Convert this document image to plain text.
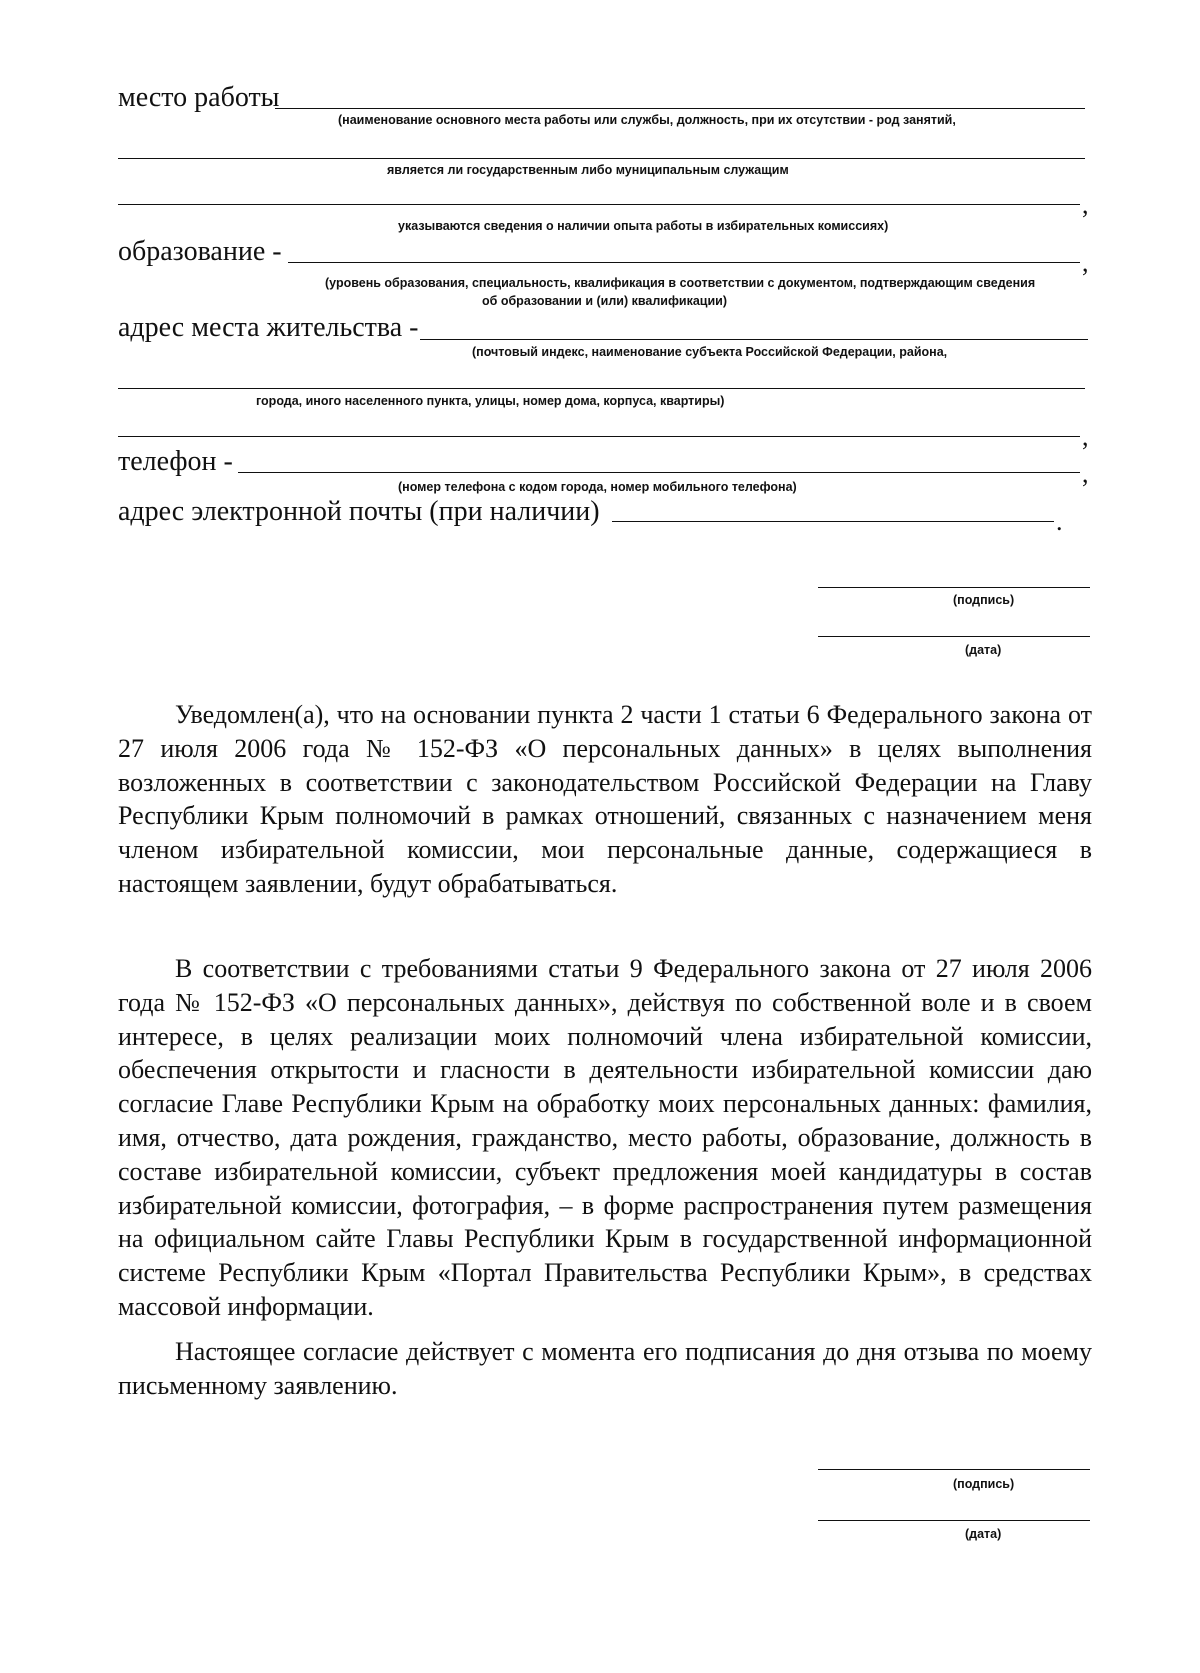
место работы
(наименование основного места работы или службы, должность, при их отсутствии - род занятий,
является ли государственным либо муниципальным служащим
,
указываются сведения о наличии опыта работы в избирательных комиссиях)
образование -	,
(уровень образования, специальность, квалификация в соответствии с документом, подтверждающим сведения
об образовании и (или) квалификации)
адрес места жительства -
(почтовый индекс, наименование субъекта Российской Федерации, района,
города, иного населенного пункта, улицы, номер дома, корпуса, квартиры)
,
телефон -	,
(номер телефона с кодом города, номер мобильного телефона)
адрес электронной почты (при наличии)	.
(подпись)
(дата)

Уведомлен(а), что на основании пункта 2 части 1 статьи 6 Федерального закона от 27 июля 2006 года № 152-ФЗ «О персональных данных» в целях выполнения возложенных в соответствии с законодательством Российской Федерации на Главу Республики Крым полномочий в рамках отношений, связанных с назначением меня членом избирательной комиссии, мои персональные данные, содержащиеся в настоящем заявлении, будут обрабатываться.

В соответствии с требованиями статьи 9 Федерального закона от 27 июля 2006 года № 152-ФЗ «О персональных данных», действуя по собственной воле и в своем интересе, в целях реализации моих полномочий члена избирательной комиссии, обеспечения открытости и гласности в деятельности избирательной комиссии даю согласие Главе Республики Крым на обработку моих персональных данных: фамилия, имя, отчество, дата рождения, гражданство, место работы, образование, должность в составе избирательной комиссии, субъект предложения моей кандидатуры в состав избирательной комиссии, фотография, – в форме распространения путем размещения на официальном сайте Главы Республики Крым в государственной информационной системе Республики Крым «Портал Правительства Республики Крым», в средствах массовой информации.

Настоящее согласие действует с момента его подписания до дня отзыва по моему письменному заявлению.

(подпись)
(дата)
